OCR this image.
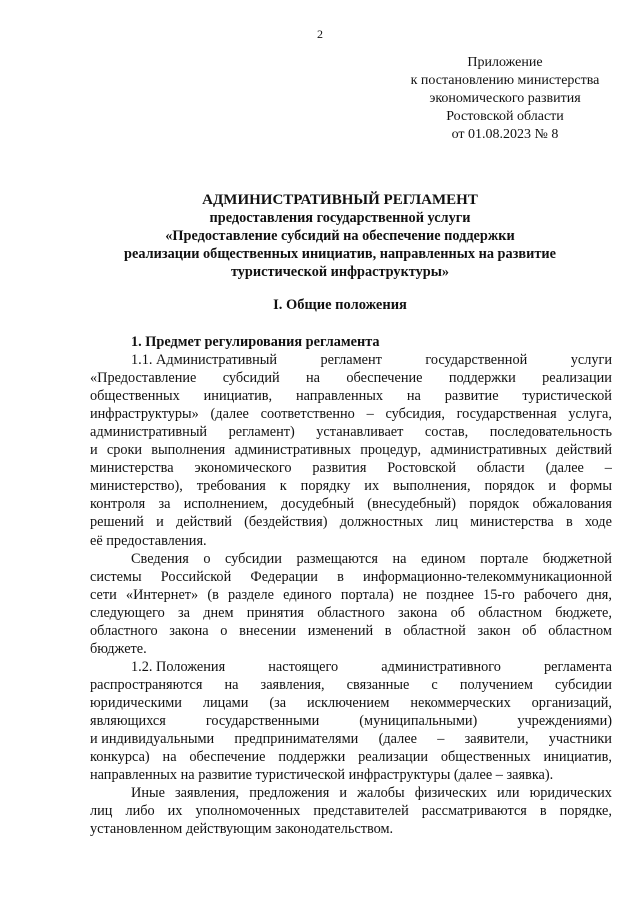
2
Приложение
к постановлению министерства
экономического развития
Ростовской области
от 01.08.2023 № 8
АДМИНИСТРАТИВНЫЙ РЕГЛАМЕНТ
предоставления государственной услуги
«Предоставление субсидий на обеспечение поддержки
реализации общественных инициатив, направленных на развитие
туристической инфраструктуры»
I. Общие положения
1. Предмет регулирования регламента
1.1. Административный	регламент	государственной	услуги
«Предоставление субсидий на обеспечение поддержки реализации
общественных инициатив, направленных на развитие туристической
инфраструктуры» (далее соответственно – субсидия, государственная услуга,
административный регламент) устанавливает состав, последовательность
и сроки выполнения административных процедур, административных действий
министерства экономического развития Ростовской области (далее –
министерство), требования к порядку их выполнения, порядок и формы
контроля за исполнением, досудебный (внесудебный) порядок обжалования
решений и действий (бездействия) должностных лиц министерства в ходе
её предоставления.
Сведения о субсидии размещаются на едином портале бюджетной
системы Российской Федерации в информационно-телекоммуникационной
сети «Интернет» (в разделе единого портала) не позднее 15-го рабочего дня,
следующего за днем принятия областного закона об областном бюджете,
областного закона о внесении изменений в областной закон об областном
бюджете.
1.2. Положения	настоящего	административного	регламента
распространяются на заявления, связанные с получением субсидии
юридическими лицами (за исключением некоммерческих организаций,
являющихся	государственными	(муниципальными)	учреждениями)
и индивидуальными предпринимателями (далее – заявители, участники
конкурса) на обеспечение поддержки реализации общественных инициатив,
направленных на развитие туристической инфраструктуры (далее – заявка).
Иные заявления, предложения и жалобы физических или юридических
лиц либо их уполномоченных представителей рассматриваются в порядке,
установленном действующим законодательством.
